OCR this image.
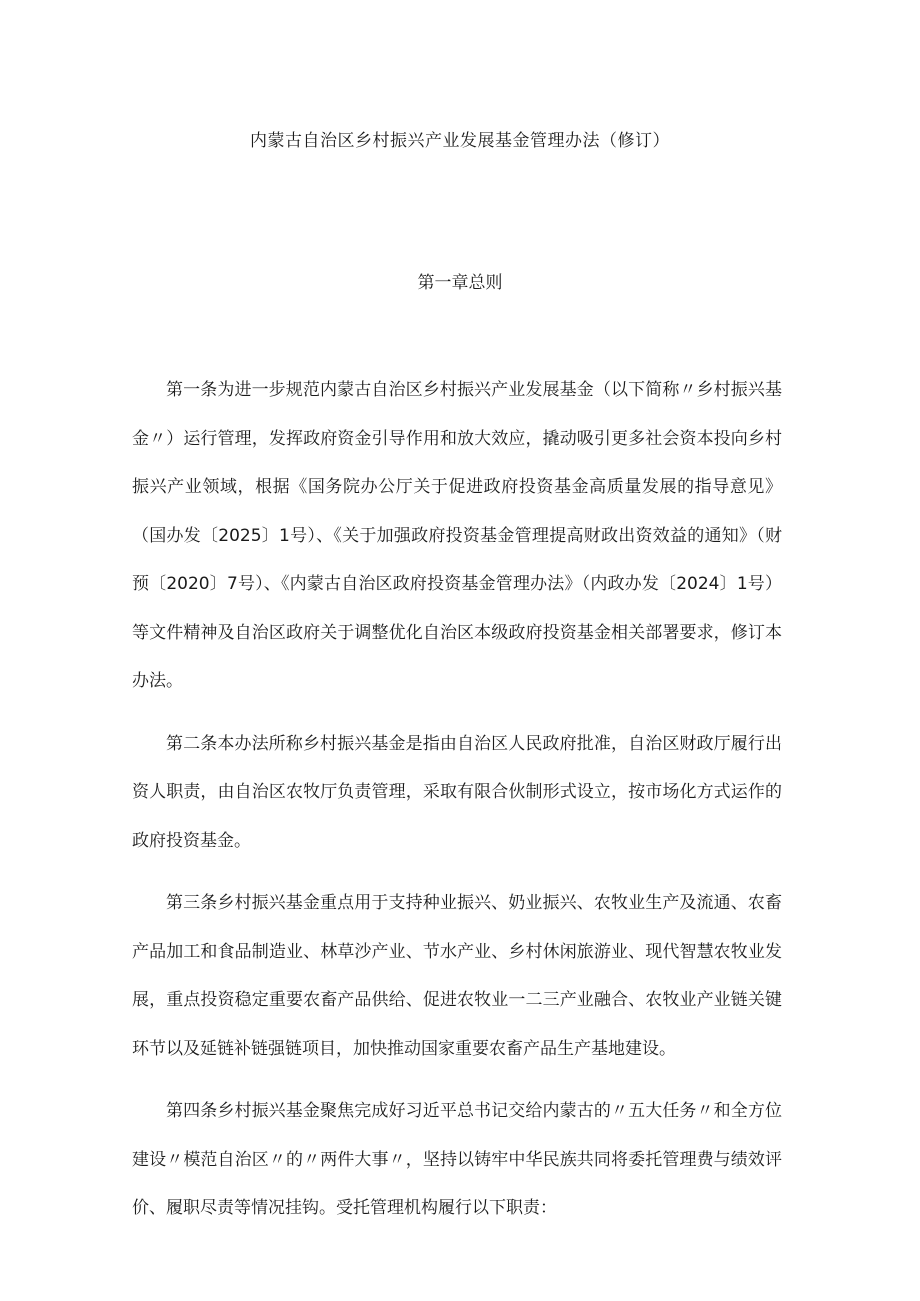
内蒙古自治区乡村振兴产业发展基金管理办法（修订）
第一章总则

第一条为进一步规范内蒙古自治区乡村振兴产业发展基金（以下简称〃乡村振兴基金〃）运行管理，发挥政府资金引导作用和放大效应，撬动吸引更多社会资本投向乡村振兴产业领域，根据《国务院办公厅关于促进政府投资基金高质量发展的指导意见》（国办发〔2025〕1号）、《关于加强政府投资基金管理提高财政出资效益的通知》（财预〔2020〕7号）、《内蒙古自治区政府投资基金管理办法》（内政办发〔2024〕1号）等文件精神及自治区政府关于调整优化自治区本级政府投资基金相关部署要求，修订本办法。

第二条本办法所称乡村振兴基金是指由自治区人民政府批准，自治区财政厅履行出资人职责，由自治区农牧厅负责管理，采取有限合伙制形式设立，按市场化方式运作的政府投资基金。

第三条乡村振兴基金重点用于支持种业振兴、奶业振兴、农牧业生产及流通、农畜产品加工和食品制造业、林草沙产业、节水产业、乡村休闲旅游业、现代智慧农牧业发展，重点投资稳定重要农畜产品供给、促进农牧业一二三产业融合、农牧业产业链关键环节以及延链补链强链项目，加快推动国家重要农畜产品生产基地建设。

第四条乡村振兴基金聚焦完成好习近平总书记交给内蒙古的〃五大任务〃和全方位建设〃模范自治区〃的〃两件大事〃，坚持以铸牢中华民族共同将委托管理费与绩效评价、履职尽责等情况挂钩。受托管理机构履行以下职责：
